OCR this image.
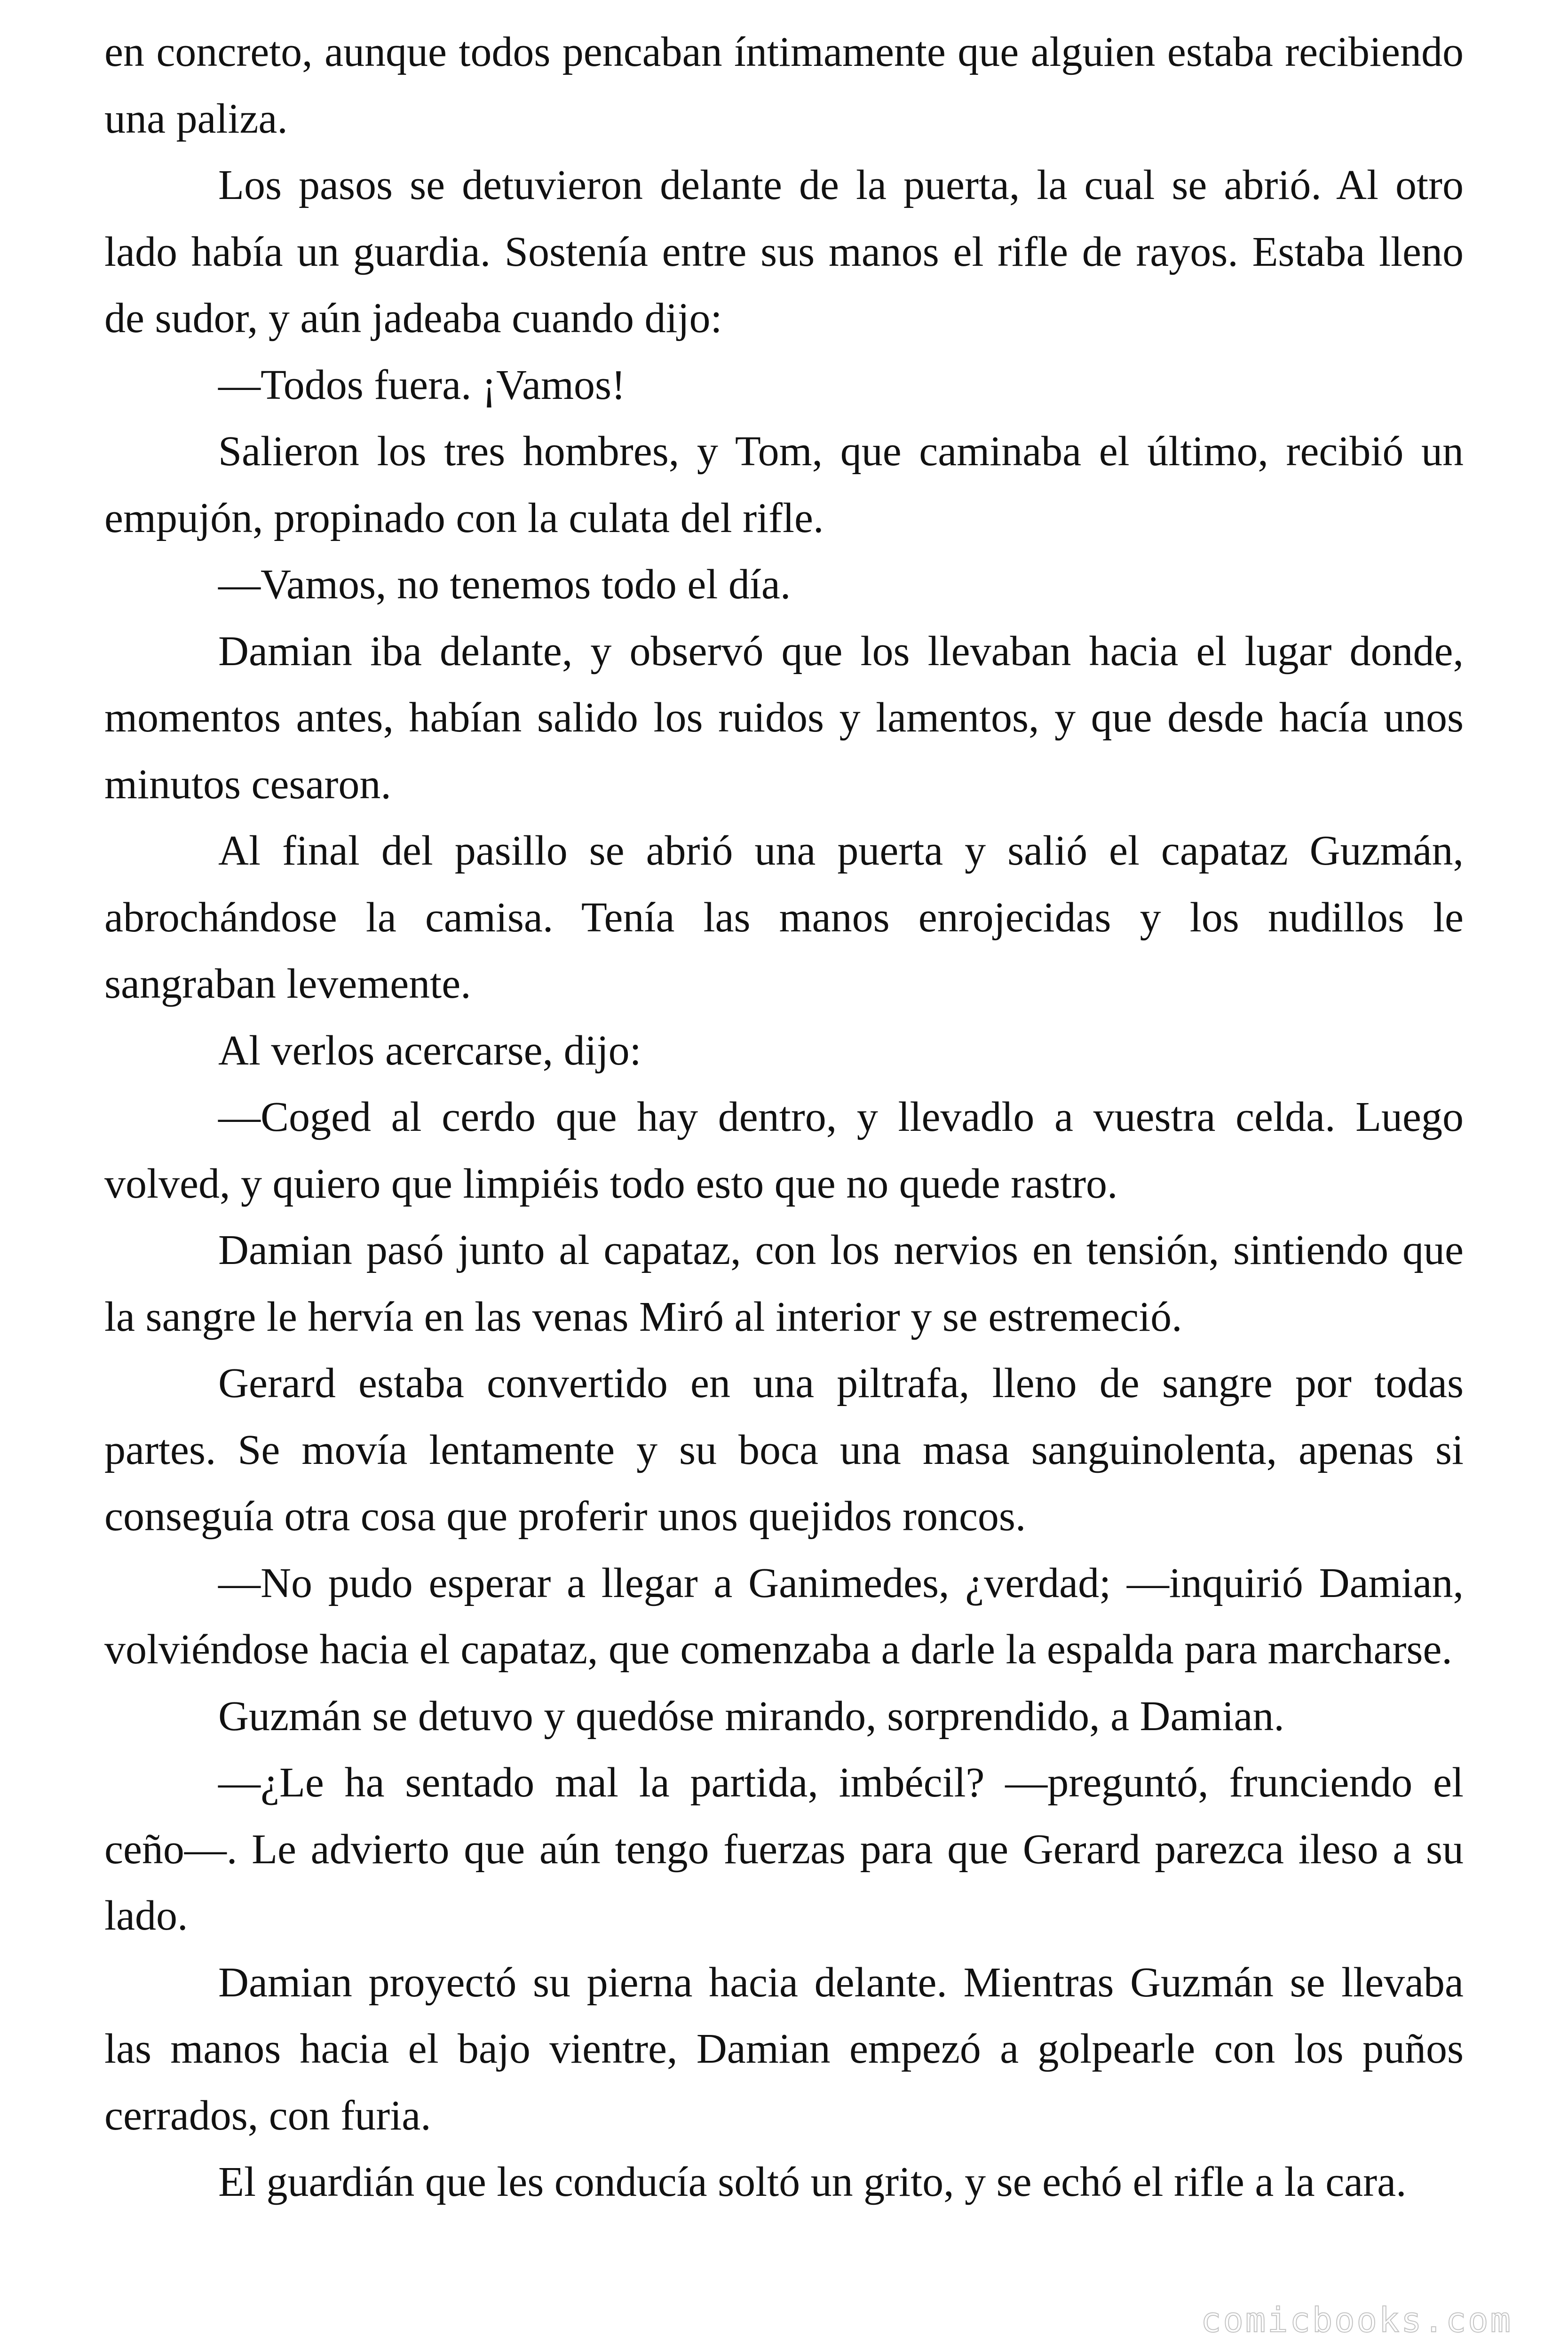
en concreto, aunque todos pencaban íntimamente que alguien estaba recibiendo una paliza.

Los pasos se detuvieron delante de la puerta, la cual se abrió. Al otro lado había un guardia. Sostenía entre sus manos el rifle de rayos. Estaba lleno de sudor, y aún jadeaba cuando dijo:

—Todos fuera. ¡Vamos!

Salieron los tres hombres, y Tom, que caminaba el último, recibió un empujón, propinado con la culata del rifle.

—Vamos, no tenemos todo el día.

Damian iba delante, y observó que los llevaban hacia el lugar donde, momentos antes, habían salido los ruidos y lamentos, y que desde hacía unos minutos cesaron.

Al final del pasillo se abrió una puerta y salió el capataz Guzmán, abrochándose la camisa. Tenía las manos enrojecidas y los nudillos le sangraban levemente.

Al verlos acercarse, dijo:

—Coged al cerdo que hay dentro, y llevadlo a vuestra celda. Luego volved, y quiero que limpiéis todo esto que no quede rastro.

Damian pasó junto al capataz, con los nervios en tensión, sintiendo que la sangre le hervía en las venas Miró al interior y se estremeció.

Gerard estaba convertido en una piltrafa, lleno de sangre por todas partes. Se movía lentamente y su boca una masa sanguinolenta, apenas si conseguía otra cosa que proferir unos quejidos roncos.

—No pudo esperar a llegar a Ganimedes, ¿verdad; —inquirió Damian, volviéndose hacia el capataz, que comenzaba a darle la espalda para marcharse.

Guzmán se detuvo y quedóse mirando, sorprendido, a Damian.

—¿Le ha sentado mal la partida, imbécil? —preguntó, frunciendo el ceño—. Le advierto que aún tengo fuerzas para que Gerard parezca ileso a su lado.

Damian proyectó su pierna hacia delante. Mientras Guzmán se llevaba las manos hacia el bajo vientre, Damian empezó a golpearle con los puños cerrados, con furia.

El guardián que les conducía soltó un grito, y se echó el rifle a la cara.

comicbooks.com
